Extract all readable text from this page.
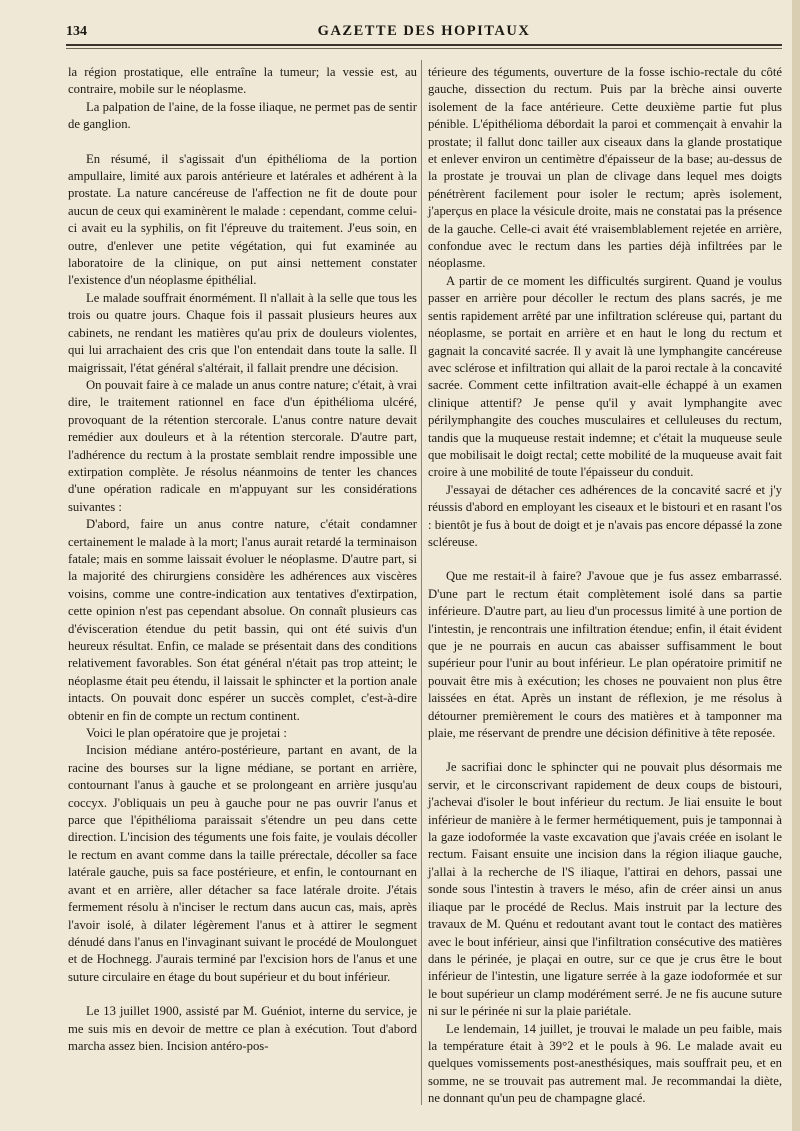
134	GAZETTE DES HOPITAUX

la région prostatique, elle entraîne la tumeur; la vessie est, au contraire, mobile sur le néoplasme.

La palpation de l'aine, de la fosse iliaque, ne permet pas de sentir de ganglion.

En résumé, il s'agissait d'un épithélioma de la portion ampullaire, limité aux parois antérieure et latérales et adhérent à la prostate. La nature cancéreuse de l'affection ne fit de doute pour aucun de ceux qui examinèrent le malade : cependant, comme celui-ci avait eu la syphilis, on fit l'épreuve du traitement. J'eus soin, en outre, d'enlever une petite végétation, qui fut examinée au laboratoire de la clinique, on put ainsi nettement constater l'existence d'un néoplasme épithélial.

Le malade souffrait énormément. Il n'allait à la selle que tous les trois ou quatre jours. Chaque fois il passait plusieurs heures aux cabinets, ne rendant les matières qu'au prix de douleurs violentes, qui lui arrachaient des cris que l'on entendait dans toute la salle. Il maigrissait, l'état général s'altérait, il fallait prendre une décision.

On pouvait faire à ce malade un anus contre nature; c'était, à vrai dire, le traitement rationnel en face d'un épithélioma ulcéré, provoquant de la rétention stercorale. L'anus contre nature devait remédier aux douleurs et à la rétention stercorale. D'autre part, l'adhérence du rectum à la prostate semblait rendre impossible une extirpation complète. Je résolus néanmoins de tenter les chances d'une opération radicale en m'appuyant sur les considérations suivantes :

D'abord, faire un anus contre nature, c'était condamner certainement le malade à la mort; l'anus aurait retardé la terminaison fatale; mais en somme laissait évoluer le néoplasme. D'autre part, si la majorité des chirurgiens considère les adhérences aux viscères voisins, comme une contre-indication aux tentatives d'extirpation, cette opinion n'est pas cependant absolue. On connaît plusieurs cas d'évisceration étendue du petit bassin, qui ont été suivis d'un heureux résultat. Enfin, ce malade se présentait dans des conditions relativement favorables. Son état général n'était pas trop atteint; le néoplasme était peu étendu, il laissait le sphincter et la portion anale intacts. On pouvait donc espérer un succès complet, c'est-à-dire obtenir en fin de compte un rectum continent.

Voici le plan opératoire que je projetai :

Incision médiane antéro-postérieure, partant en avant, de la racine des bourses sur la ligne médiane, se portant en arrière, contournant l'anus à gauche et se prolongeant en arrière jusqu'au coccyx. J'obliquais un peu à gauche pour ne pas ouvrir l'anus et parce que l'épithélioma paraissait s'étendre un peu dans cette direction. L'incision des téguments une fois faite, je voulais décoller le rectum en avant comme dans la taille prérectale, décoller sa face latérale gauche, puis sa face postérieure, et enfin, le contournant en avant et en arrière, aller détacher sa face latérale droite. J'étais fermement résolu à n'inciser le rectum dans aucun cas, mais, après l'avoir isolé, à dilater légèrement l'anus et à attirer le segment dénudé dans l'anus en l'invaginant suivant le procédé de Moulonguet et de Hochnegg. J'aurais terminé par l'excision hors de l'anus et une suture circulaire en étage du bout supérieur et du bout inférieur.

Le 13 juillet 1900, assisté par M. Guéniot, interne du service, je me suis mis en devoir de mettre ce plan à exécution. Tout d'abord marcha assez bien. Incision antéro-pos-

térieure des téguments, ouverture de la fosse ischio-rectale du côté gauche, dissection du rectum. Puis par la brèche ainsi ouverte isolement de la face antérieure. Cette deuxième partie fut plus pénible. L'épithélioma débordait la paroi et commençait à envahir la prostate; il fallut donc tailler aux ciseaux dans la glande prostatique et enlever environ un centimètre d'épaisseur de la base; au-dessus de la prostate je trouvai un plan de clivage dans lequel mes doigts pénétrèrent facilement pour isoler le rectum; après isolement, j'aperçus en place la vésicule droite, mais ne constatai pas la présence de la gauche. Celle-ci avait été vraisemblablement rejetée en arrière, confondue avec le rectum dans les parties déjà infiltrées par le néoplasme.

A partir de ce moment les difficultés surgirent. Quand je voulus passer en arrière pour décoller le rectum des plans sacrés, je me sentis rapidement arrêté par une infiltration scléreuse qui, partant du néoplasme, se portait en arrière et en haut le long du rectum et gagnait la concavité sacrée. Il y avait là une lymphangite cancéreuse avec sclérose et infiltration qui allait de la paroi rectale à la concavité sacrée. Comment cette infiltration avait-elle échappé à un examen clinique attentif? Je pense qu'il y avait lymphangite avec périlymphangite des couches musculaires et celluleuses du rectum, tandis que la muqueuse restait indemne; et c'était la muqueuse seule que mobilisait le doigt rectal; cette mobilité de la muqueuse avait fait croire à une mobilité de toute l'épaisseur du conduit.

J'essayai de détacher ces adhérences de la concavité sacré et j'y réussis d'abord en employant les ciseaux et le bistouri et en rasant l'os : bientôt je fus à bout de doigt et je n'avais pas encore dépassé la zone scléreuse.

Que me restait-il à faire? J'avoue que je fus assez embarrassé. D'une part le rectum était complètement isolé dans sa partie inférieure. D'autre part, au lieu d'un processus limité à une portion de l'intestin, je rencontrais une infiltration étendue; enfin, il était évident que je ne pourrais en aucun cas abaisser suffisamment le bout supérieur pour l'unir au bout inférieur. Le plan opératoire primitif ne pouvait être mis à exécution; les choses ne pouvaient non plus être laissées en état. Après un instant de réflexion, je me résolus à détourner premièrement le cours des matières et à tamponner ma plaie, me réservant de prendre une décision définitive à tête reposée.

Je sacrifiai donc le sphincter qui ne pouvait plus désormais me servir, et le circonscrivant rapidement de deux coups de bistouri, j'achevai d'isoler le bout inférieur du rectum. Je liai ensuite le bout inférieur de manière à le fermer hermétiquement, puis je tamponnai à la gaze iodoformée la vaste excavation que j'avais créée en isolant le rectum. Faisant ensuite une incision dans la région iliaque gauche, j'allai à la recherche de l'S iliaque, l'attirai en dehors, passai une sonde sous l'intestin à travers le méso, afin de créer ainsi un anus iliaque par le procédé de Reclus. Mais instruit par la lecture des travaux de M. Quénu et redoutant avant tout le contact des matières avec le bout inférieur, ainsi que l'infiltration consécutive des matières dans le périnée, je plaçai en outre, sur ce que je crus être le bout inférieur de l'intestin, une ligature serrée à la gaze iodoformée et sur le bout supérieur un clamp modérément serré. Je ne fis aucune suture ni sur le périnée ni sur la plaie pariétale.

Le lendemain, 14 juillet, je trouvai le malade un peu faible, mais la température était à 39°2 et le pouls à 96. Le malade avait eu quelques vomissements post-anesthésiques, mais souffrait peu, et en somme, ne se trouvait pas autrement mal. Je recommandai la diète, ne donnant qu'un peu de champagne glacé.
